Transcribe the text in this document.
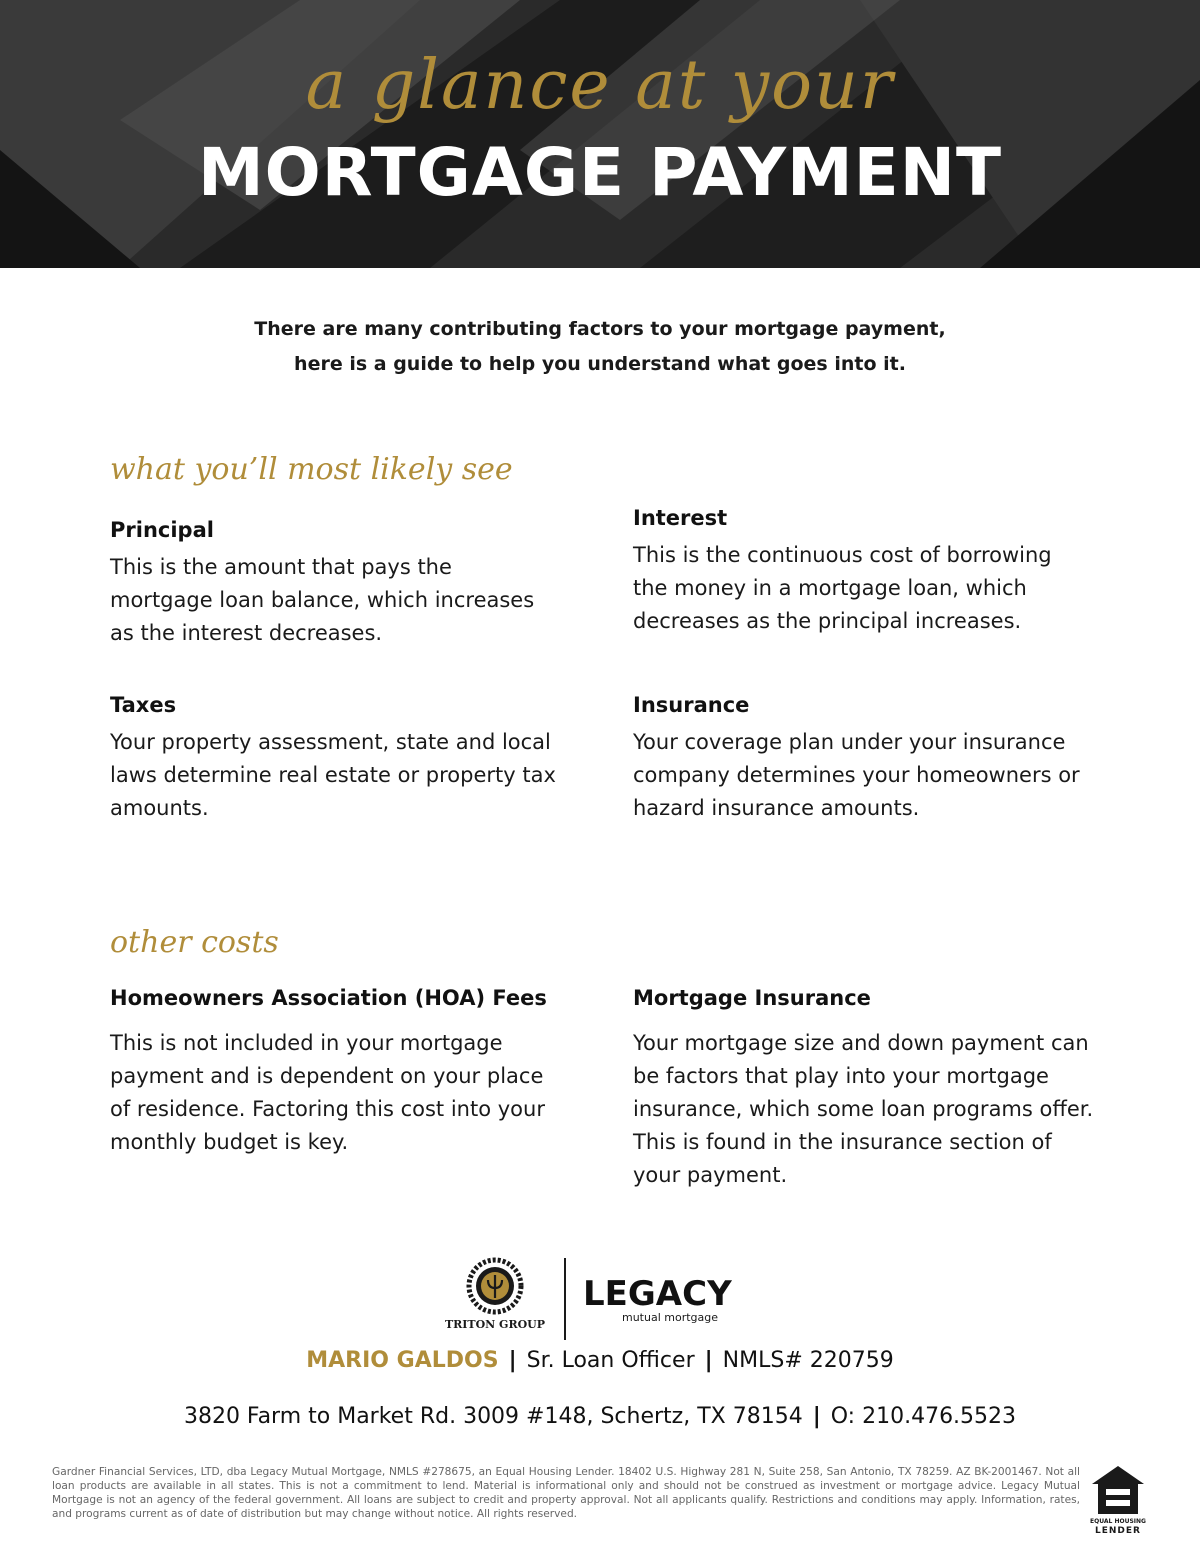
a glance at your
MORTGAGE PAYMENT
There are many contributing factors to your mortgage payment,
here is a guide to help you understand what goes into it.
what you’ll most likely see
Principal
This is the amount that pays the mortgage loan balance, which increases as the interest decreases.
Interest
This is the continuous cost of borrowing the money in a mortgage loan, which decreases as the principal increases.
Taxes
Your property assessment, state and local laws determine real estate or property tax amounts.
Insurance
Your coverage plan under your insurance company determines your homeowners or hazard insurance amounts.
other costs
Homeowners Association (HOA) Fees
This is not included in your mortgage payment and is dependent on your place of residence. Factoring this cost into your monthly budget is key.
Mortgage Insurance
Your mortgage size and down payment can be factors that play into your mortgage insurance, which some loan programs offer. This is found in the insurance section of your payment.
TRITON GROUP
LEGACY
mutual mortgage
MARIO GALDOS | Sr. Loan Officer | NMLS# 220759
3820 Farm to Market Rd. 3009 #148, Schertz, TX 78154 | O: 210.476.5523
Gardner Financial Services, LTD, dba Legacy Mutual Mortgage, NMLS #278675, an Equal Housing Lender. 18402 U.S. Highway 281 N, Suite 258, San Antonio, TX 78259. AZ BK-2001467. Not all loan products are available in all states. This is not a commitment to lend. Material is informational only and should not be construed as investment or mortgage advice. Legacy Mutual Mortgage is not an agency of the federal government. All loans are subject to credit and property approval. Not all applicants qualify. Restrictions and conditions may apply. Information, rates, and programs current as of date of distribution but may change without notice. All rights reserved.
EQUAL HOUSING
LENDER
